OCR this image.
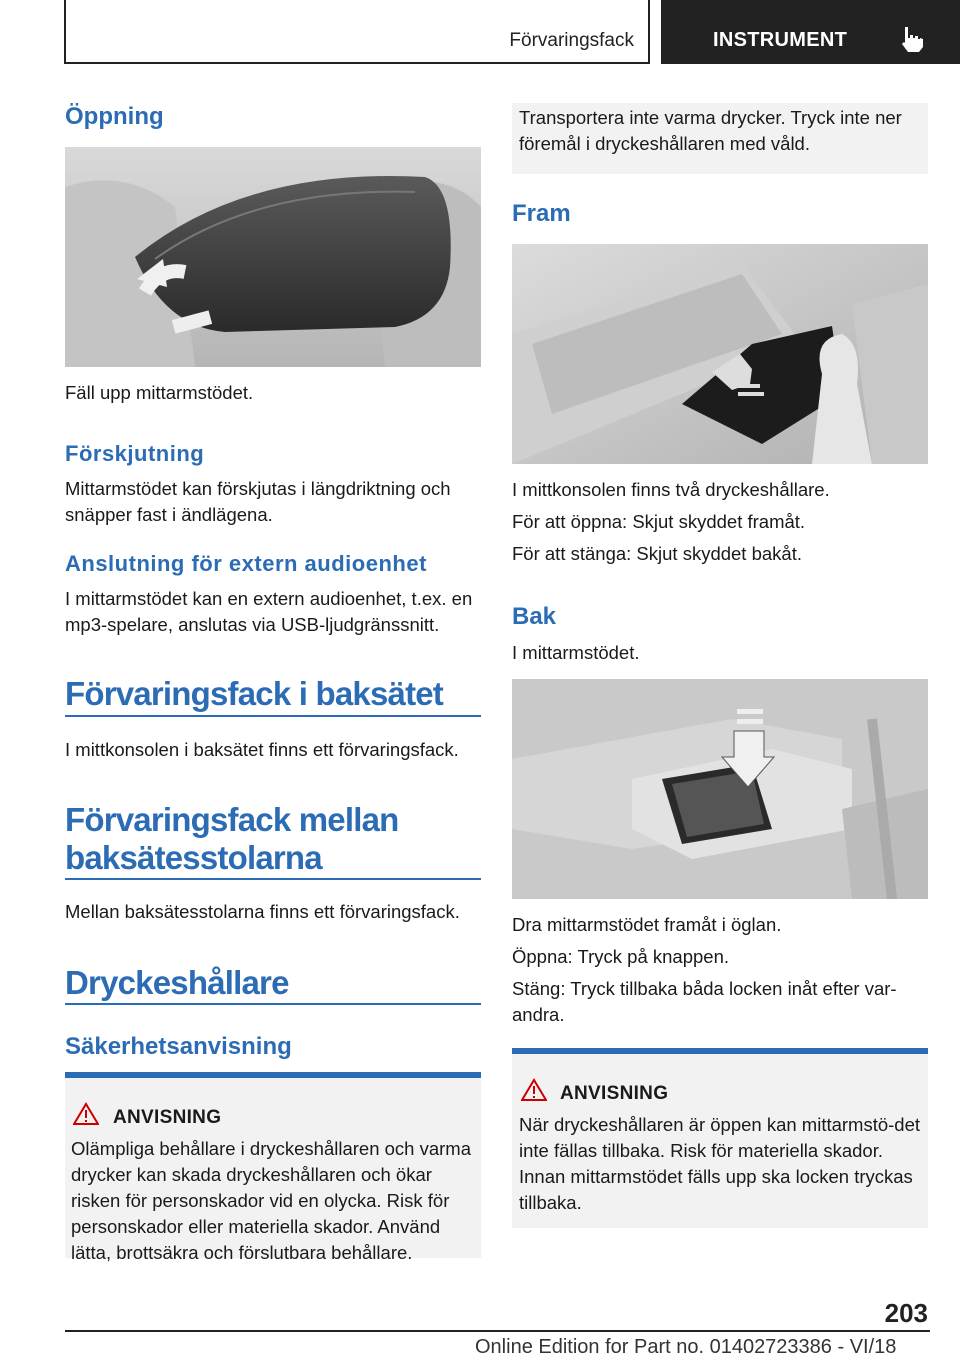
Förvaringsfack	INSTRUMENT
Öppning

Fäll upp mittarmstödet.

Förskjutning

Mittarmstödet kan förskjutas i längdriktning och snäpper fast i ändlägena.

Anslutning för extern audioenhet

I mittarmstödet kan en extern audioenhet, t.ex. en mp3-spelare, anslutas via USB-ljudgränssnitt.

Förvaringsfack i baksätet

I mittkonsolen i baksätet finns ett förvaringsfack.

Förvaringsfack mellan baksätesstolarna

Mellan baksätesstolarna finns ett förvaringsfack.

Dryckeshållare
Säkerhetsanvisning
ANVISNING
Olämpliga behållare i dryckeshållaren och varma drycker kan skada dryckeshållaren och ökar risken för personskador vid en olycka. Risk för personskador eller materiella skador. Använd lätta, brottsäkra och förslutbara behållare.
Transportera inte varma drycker. Tryck inte ner föremål i dryckeshållaren med våld.
Fram

I mittkonsolen finns två dryckeshållare.

För att öppna: Skjut skyddet framåt.

För att stänga: Skjut skyddet bakåt.

Bak

I mittarmstödet.

Dra mittarmstödet framåt i öglan.

Öppna: Tryck på knappen.

Stäng: Tryck tillbaka båda locken inåt efter var-andra.

ANVISNING
När dryckeshållaren är öppen kan mittarmstö-det inte fällas tillbaka. Risk för materiella skador. Innan mittarmstödet fälls upp ska locken tryckas tillbaka.
203
Online Edition for Part no. 01402723386 - VI/18
